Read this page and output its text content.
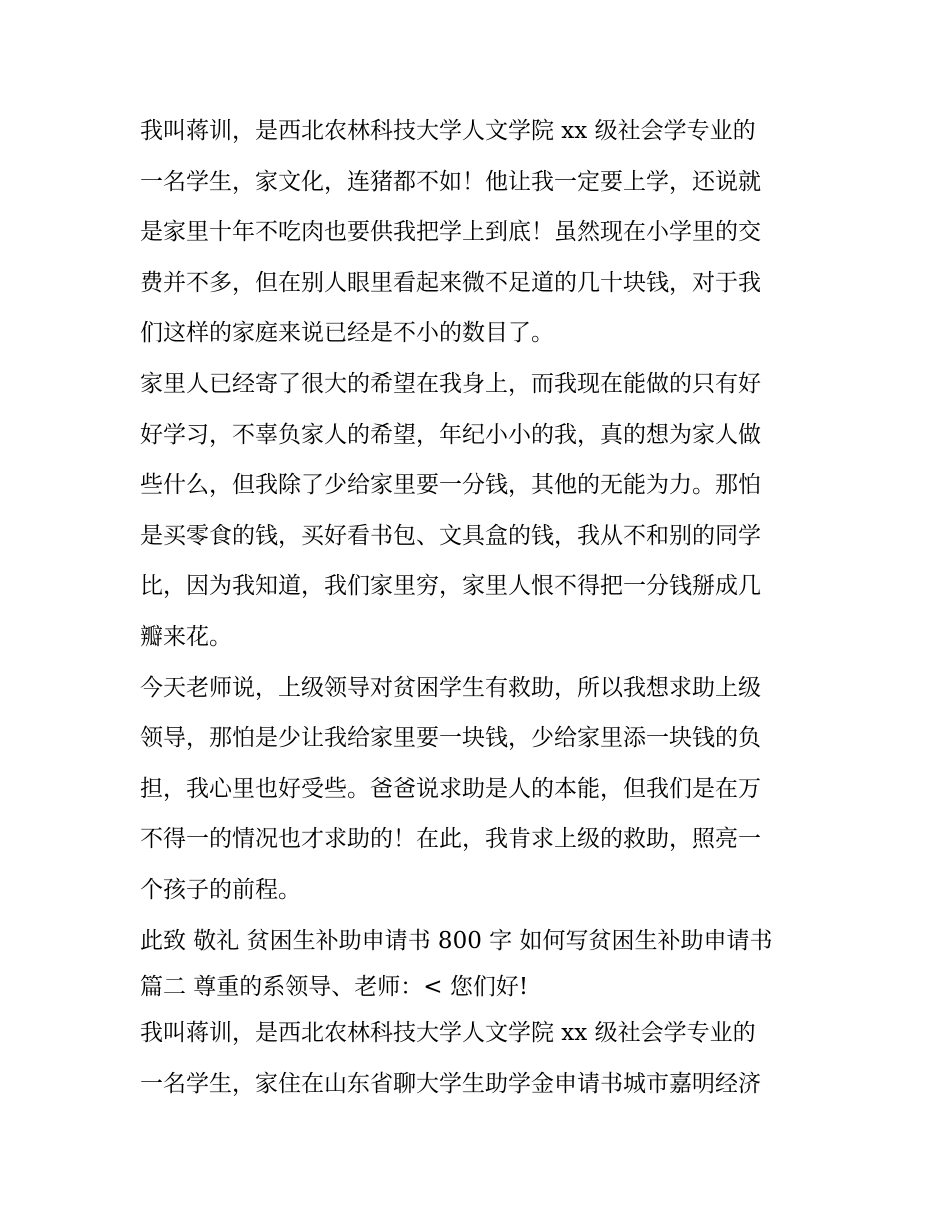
我叫蒋训，是西北农林科技大学人文学院 xx 级社会学专业的
一名学生，家文化，连猪都不如！他让我一定要上学，还说就
是家里十年不吃肉也要供我把学上到底！虽然现在小学里的交
费并不多，但在别人眼里看起来微不足道的几十块钱，对于我
们这样的家庭来说已经是不小的数目了。
家里人已经寄了很大的希望在我身上，而我现在能做的只有好
好学习，不辜负家人的希望，年纪小小的我，真的想为家人做
些什么，但我除了少给家里要一分钱，其他的无能为力。那怕
是买零食的钱，买好看书包、文具盒的钱，我从不和别的同学
比，因为我知道，我们家里穷，家里人恨不得把一分钱掰成几
瓣来花。
今天老师说，上级领导对贫困学生有救助，所以我想求助上级
领导，那怕是少让我给家里要一块钱，少给家里添一块钱的负
担，我心里也好受些。爸爸说求助是人的本能，但我们是在万
不得一的情况也才求助的！在此，我肯求上级的救助，照亮一
个孩子的前程。
此致 敬礼 贫困生补助申请书 800 字 如何写贫困生补助申请书
篇二 尊重的系领导、老师：< 您们好!
我叫蒋训，是西北农林科技大学人文学院 xx 级社会学专业的
一名学生，家住在山东省聊大学生助学金申请书城市嘉明经济
